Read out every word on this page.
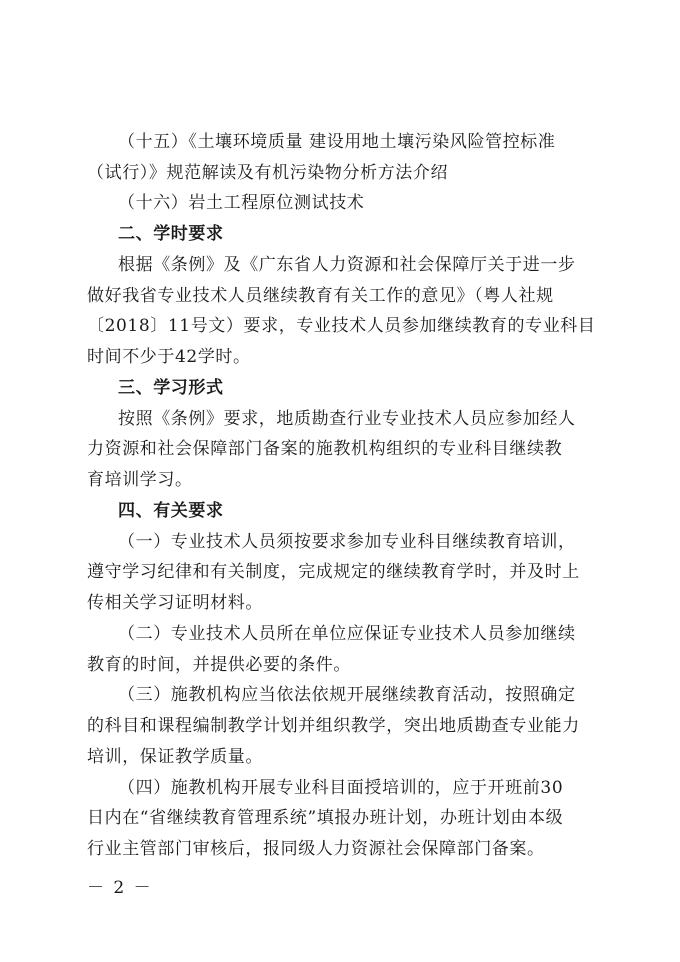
（十五）《土壤环境质量 建设用地土壤污染风险管控标准
（试行）》规范解读及有机污染物分析方法介绍
（十六）岩土工程原位测试技术
二、学时要求
根据《条例》及《广东省人力资源和社会保障厅关于进一步
做好我省专业技术人员继续教育有关工作的意见》（粤人社规
〔2018〕11号文）要求，专业技术人员参加继续教育的专业科目
时间不少于42学时。
三、学习形式
按照《条例》要求，地质勘查行业专业技术人员应参加经人
力资源和社会保障部门备案的施教机构组织的专业科目继续教
育培训学习。
四、有关要求
（一）专业技术人员须按要求参加专业科目继续教育培训，
遵守学习纪律和有关制度，完成规定的继续教育学时，并及时上
传相关学习证明材料。
（二）专业技术人员所在单位应保证专业技术人员参加继续
教育的时间，并提供必要的条件。
（三）施教机构应当依法依规开展继续教育活动，按照确定
的科目和课程编制教学计划并组织教学，突出地质勘查专业能力
培训，保证教学质量。
（四）施教机构开展专业科目面授培训的，应于开班前30
日内在“省继续教育管理系统”填报办班计划，办班计划由本级
行业主管部门审核后，报同级人力资源社会保障部门备案。
－ 2 －
